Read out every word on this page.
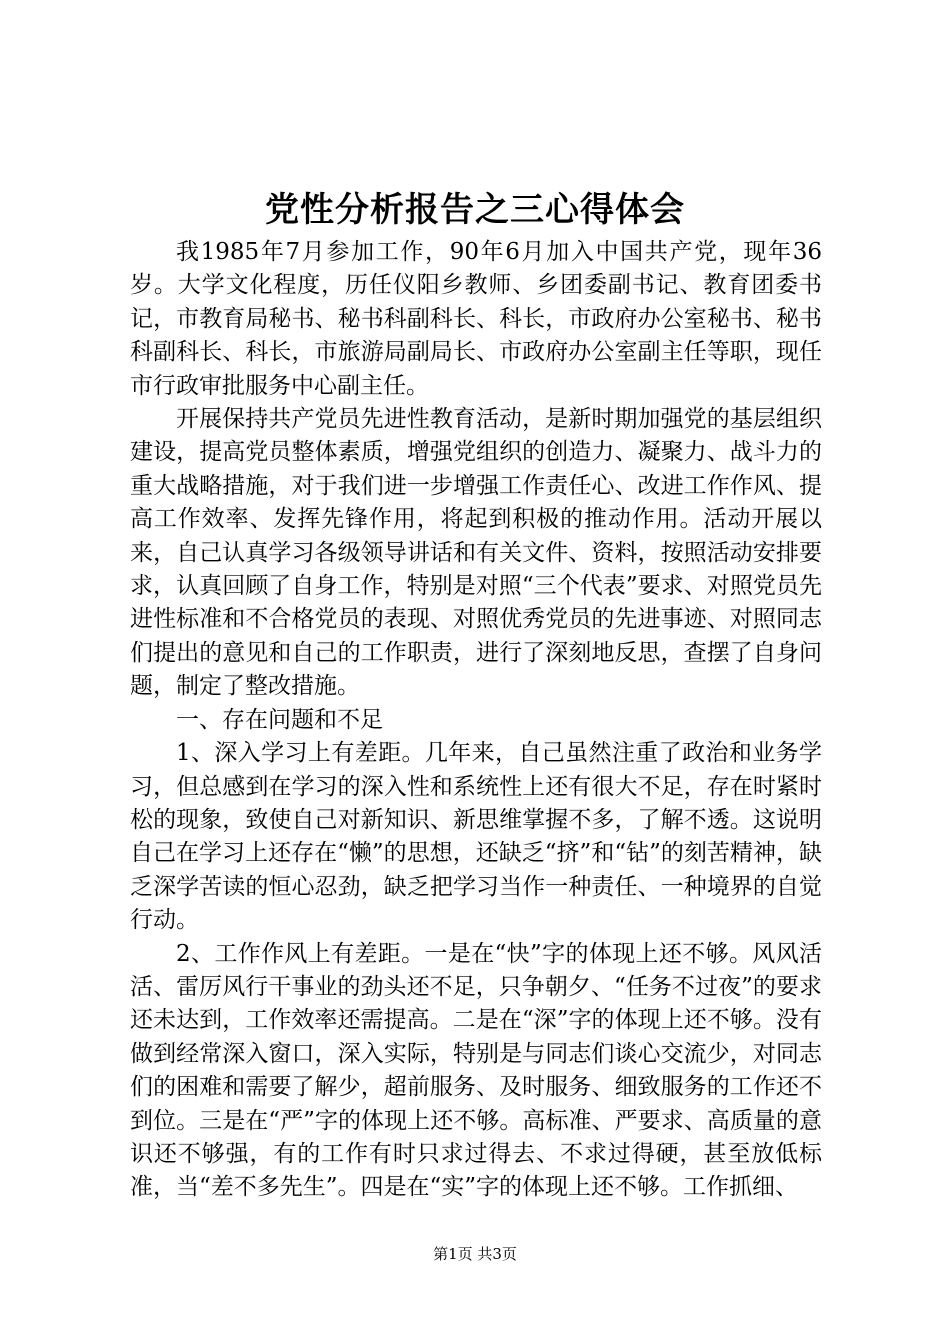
党性分析报告之三心得体会

我1985年7月参加工作，90年6月加入中国共产党，现年36岁。大学文化程度，历任仪阳乡教师、乡团委副书记、教育团委书记，市教育局秘书、秘书科副科长、科长，市政府办公室秘书、秘书科副科长、科长，市旅游局副局长、市政府办公室副主任等职，现任市行政审批服务中心副主任。

开展保持共产党员先进性教育活动，是新时期加强党的基层组织建设，提高党员整体素质，增强党组织的创造力、凝聚力、战斗力的重大战略措施，对于我们进一步增强工作责任心、改进工作作风、提高工作效率、发挥先锋作用，将起到积极的推动作用。活动开展以来，自己认真学习各级领导讲话和有关文件、资料，按照活动安排要求，认真回顾了自身工作，特别是对照“三个代表”要求、对照党员先进性标准和不合格党员的表现、对照优秀党员的先进事迹、对照同志们提出的意见和自己的工作职责，进行了深刻地反思，查摆了自身问题，制定了整改措施。

一、存在问题和不足

1、深入学习上有差距。几年来，自己虽然注重了政治和业务学习，但总感到在学习的深入性和系统性上还有很大不足，存在时紧时松的现象，致使自己对新知识、新思维掌握不多，了解不透。这说明自己在学习上还存在“懒”的思想，还缺乏“挤”和“钻”的刻苦精神，缺乏深学苦读的恒心忍劲，缺乏把学习当作一种责任、一种境界的自觉行动。

2、工作作风上有差距。一是在“快”字的体现上还不够。风风活活、雷厉风行干事业的劲头还不足，只争朝夕、“任务不过夜”的要求还未达到，工作效率还需提高。二是在“深”字的体现上还不够。没有做到经常深入窗口，深入实际，特别是与同志们谈心交流少，对同志们的困难和需要了解少，超前服务、及时服务、细致服务的工作还不到位。三是在“严”字的体现上还不够。高标准、严要求、高质量的意识还不够强，有的工作有时只求过得去、不求过得硬，甚至放低标准，当“差不多先生”。四是在“实”字的体现上还不够。工作抓细、

第1页 共3页
